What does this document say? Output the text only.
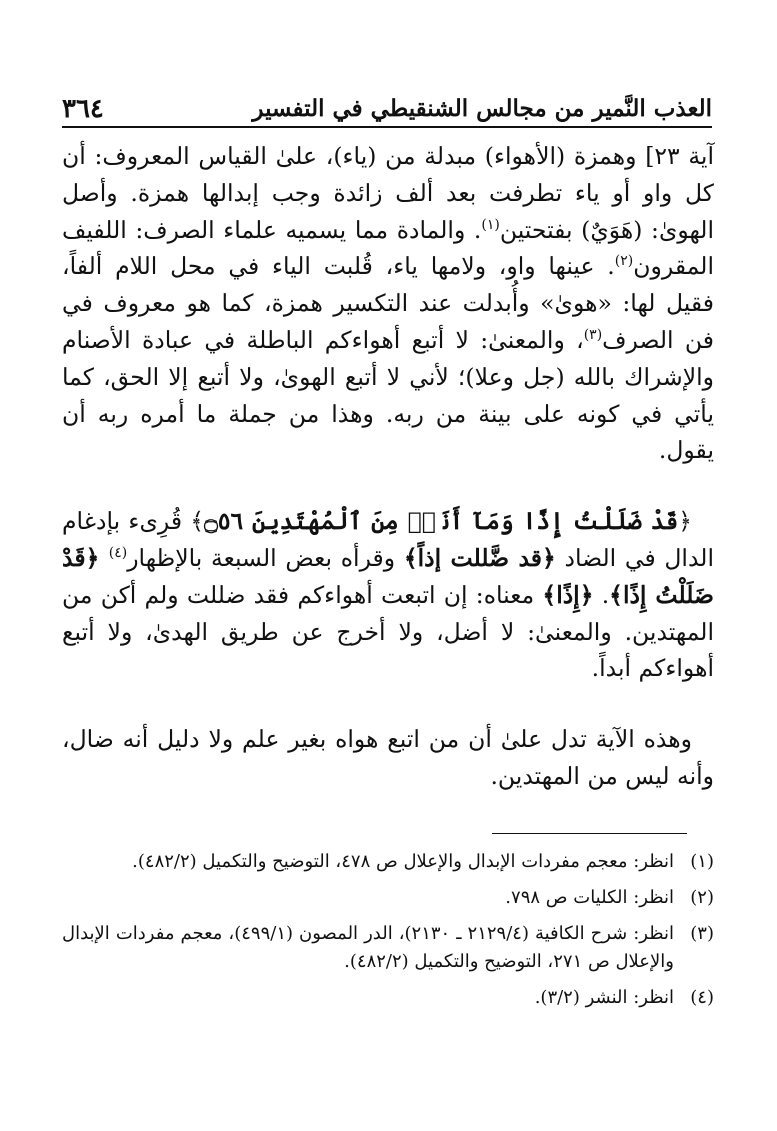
العذب النَّمير من مجالس الشنقيطي في التفسير
٣٦٤

آية ٢٣] وهمزة (الأهواء) مبدلة من (ياء)، علىٰ القياس المعروف: أن كل واو أو ياء تطرفت بعد ألف زائدة وجب إبدالها همزة. وأصل الهوىٰ: (هَوَيٌ) بفتحتين$^{(١)}$. والمادة مما يسميه علماء الصرف: اللفيف المقرون$^{(٢)}$. عينها واو، ولامها ياء، قُلبت الياء في محل اللام ألفاً، فقيل لها: «هوىٰ» وأُبدلت عند التكسير همزة، كما هو معروف في فن الصرف$^{(٣)}$، والمعنىٰ: لا أتبع أهواءكم الباطلة في عبادة الأصنام والإشراك بالله (جل وعلا)؛ لأني لا أتبع الهوىٰ، ولا أتبع إلا الحق، كما يأتي في كونه على بينة من ربه. وهذا من جملة ما أمره ربه أن يقول.

﴿قَدْ ضَلَلْتُ إِذًا وَمَآ أَنَا۠ مِنَ ٱلْمُهْتَدِينَ ۝٥٦﴾ قُرِىء بإدغام الدال في الضاد ﴿قد ضَّللت إذاً﴾ وقرأه بعض السبعة بالإظهار$^{(٤)}$ ﴿قَدْ ضَلَلْتُ إِذًا﴾. ﴿إِذًا﴾ معناه: إن اتبعت أهواءكم فقد ضللت ولم أكن من المهتدين. والمعنىٰ: لا أضل، ولا أخرج عن طريق الهدىٰ، ولا أتبع أهواءكم أبداً.

وهذه الآية تدل علىٰ أن من اتبع هواه بغير علم ولا دليل أنه ضال، وأنه ليس من المهتدين.

(١)
انظر: معجم مفردات الإبدال والإعلال ص ٤٧٨، التوضيح والتكميل (٤٨٢/٢).
(٢)
انظر: الكليات ص ٧٩٨.
(٣)
انظر: شرح الكافية (٢١٢٩/٤ ـ ٢١٣٠)، الدر المصون (٤٩٩/١)، معجم مفردات الإبدال والإعلال ص ٢٧١، التوضيح والتكميل (٤٨٢/٢).
(٤)
انظر: النشر (٣/٢).
